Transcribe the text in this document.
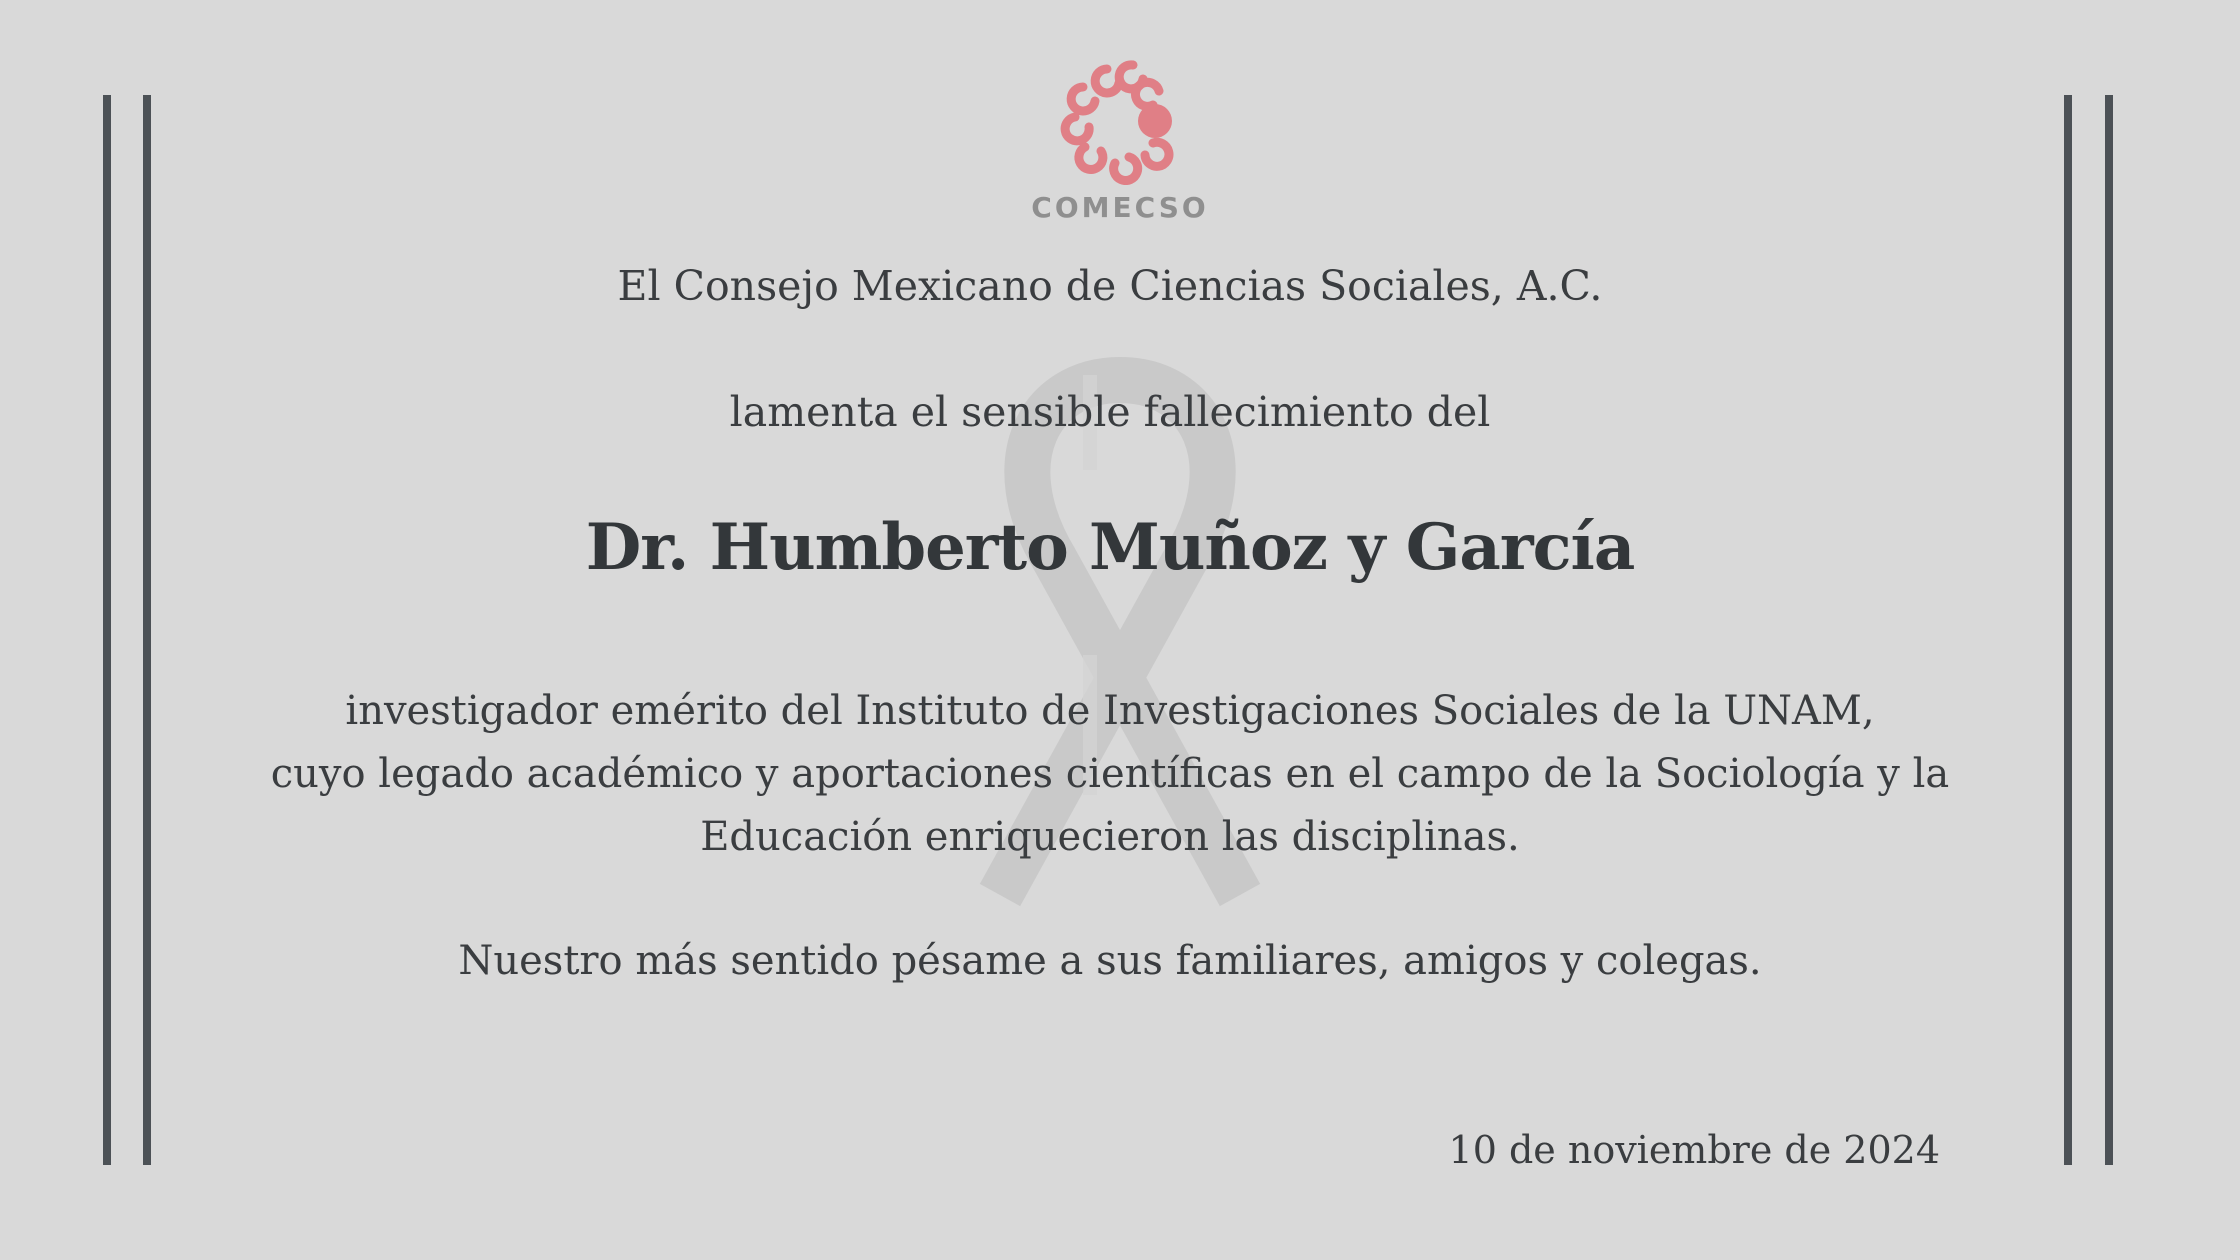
COMECSO
El Consejo Mexicano de Ciencias Sociales, A.C.
lamenta el sensible fallecimiento del
Dr. Humberto Muñoz y García
investigador emérito del Instituto de Investigaciones Sociales de la UNAM,
cuyo legado académico y aportaciones científicas en el campo de la Sociología y la
Educación enriquecieron las disciplinas.
Nuestro más sentido pésame a sus familiares, amigos y colegas.
10 de noviembre de 2024
